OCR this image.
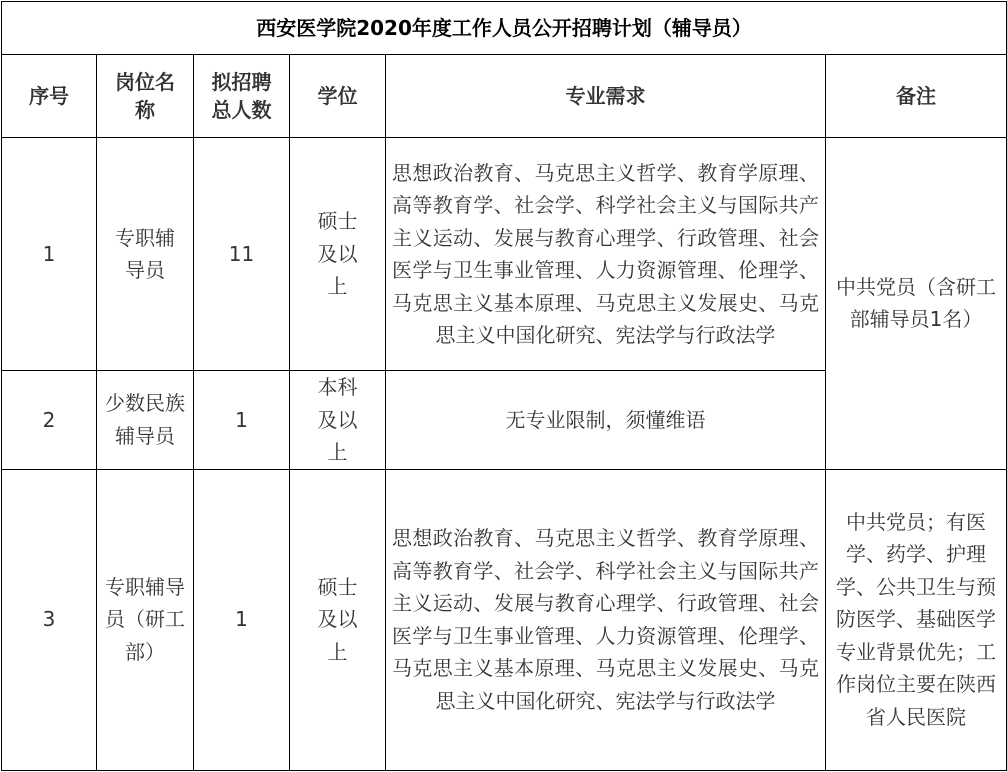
西安医学院2020年度工作人员公开招聘计划（辅导员）					
序号	岗位名称	拟招聘总人数	学位	专业需求	备注
1	专职辅导员	11	硕士及以上	思想政治教育、马克思主义哲学、教育学原理、高等教育学、社会学、科学社会主义与国际共产主义运动、发展与教育心理学、行政管理、社会医学与卫生事业管理、人力资源管理、伦理学、马克思主义基本原理、马克思主义发展史、马克思主义中国化研究、宪法学与行政法学	中共党员（含研工部辅导员1名）
2	少数民族辅导员	1	本科及以上	无专业限制，须懂维语	
3	专职辅导员（研工部）	1	硕士及以上	思想政治教育、马克思主义哲学、教育学原理、高等教育学、社会学、科学社会主义与国际共产主义运动、发展与教育心理学、行政管理、社会医学与卫生事业管理、人力资源管理、伦理学、马克思主义基本原理、马克思主义发展史、马克思主义中国化研究、宪法学与行政法学	中共党员；有医学、药学、护理学、公共卫生与预防医学、基础医学专业背景优先；工作岗位主要在陕西省人民医院
